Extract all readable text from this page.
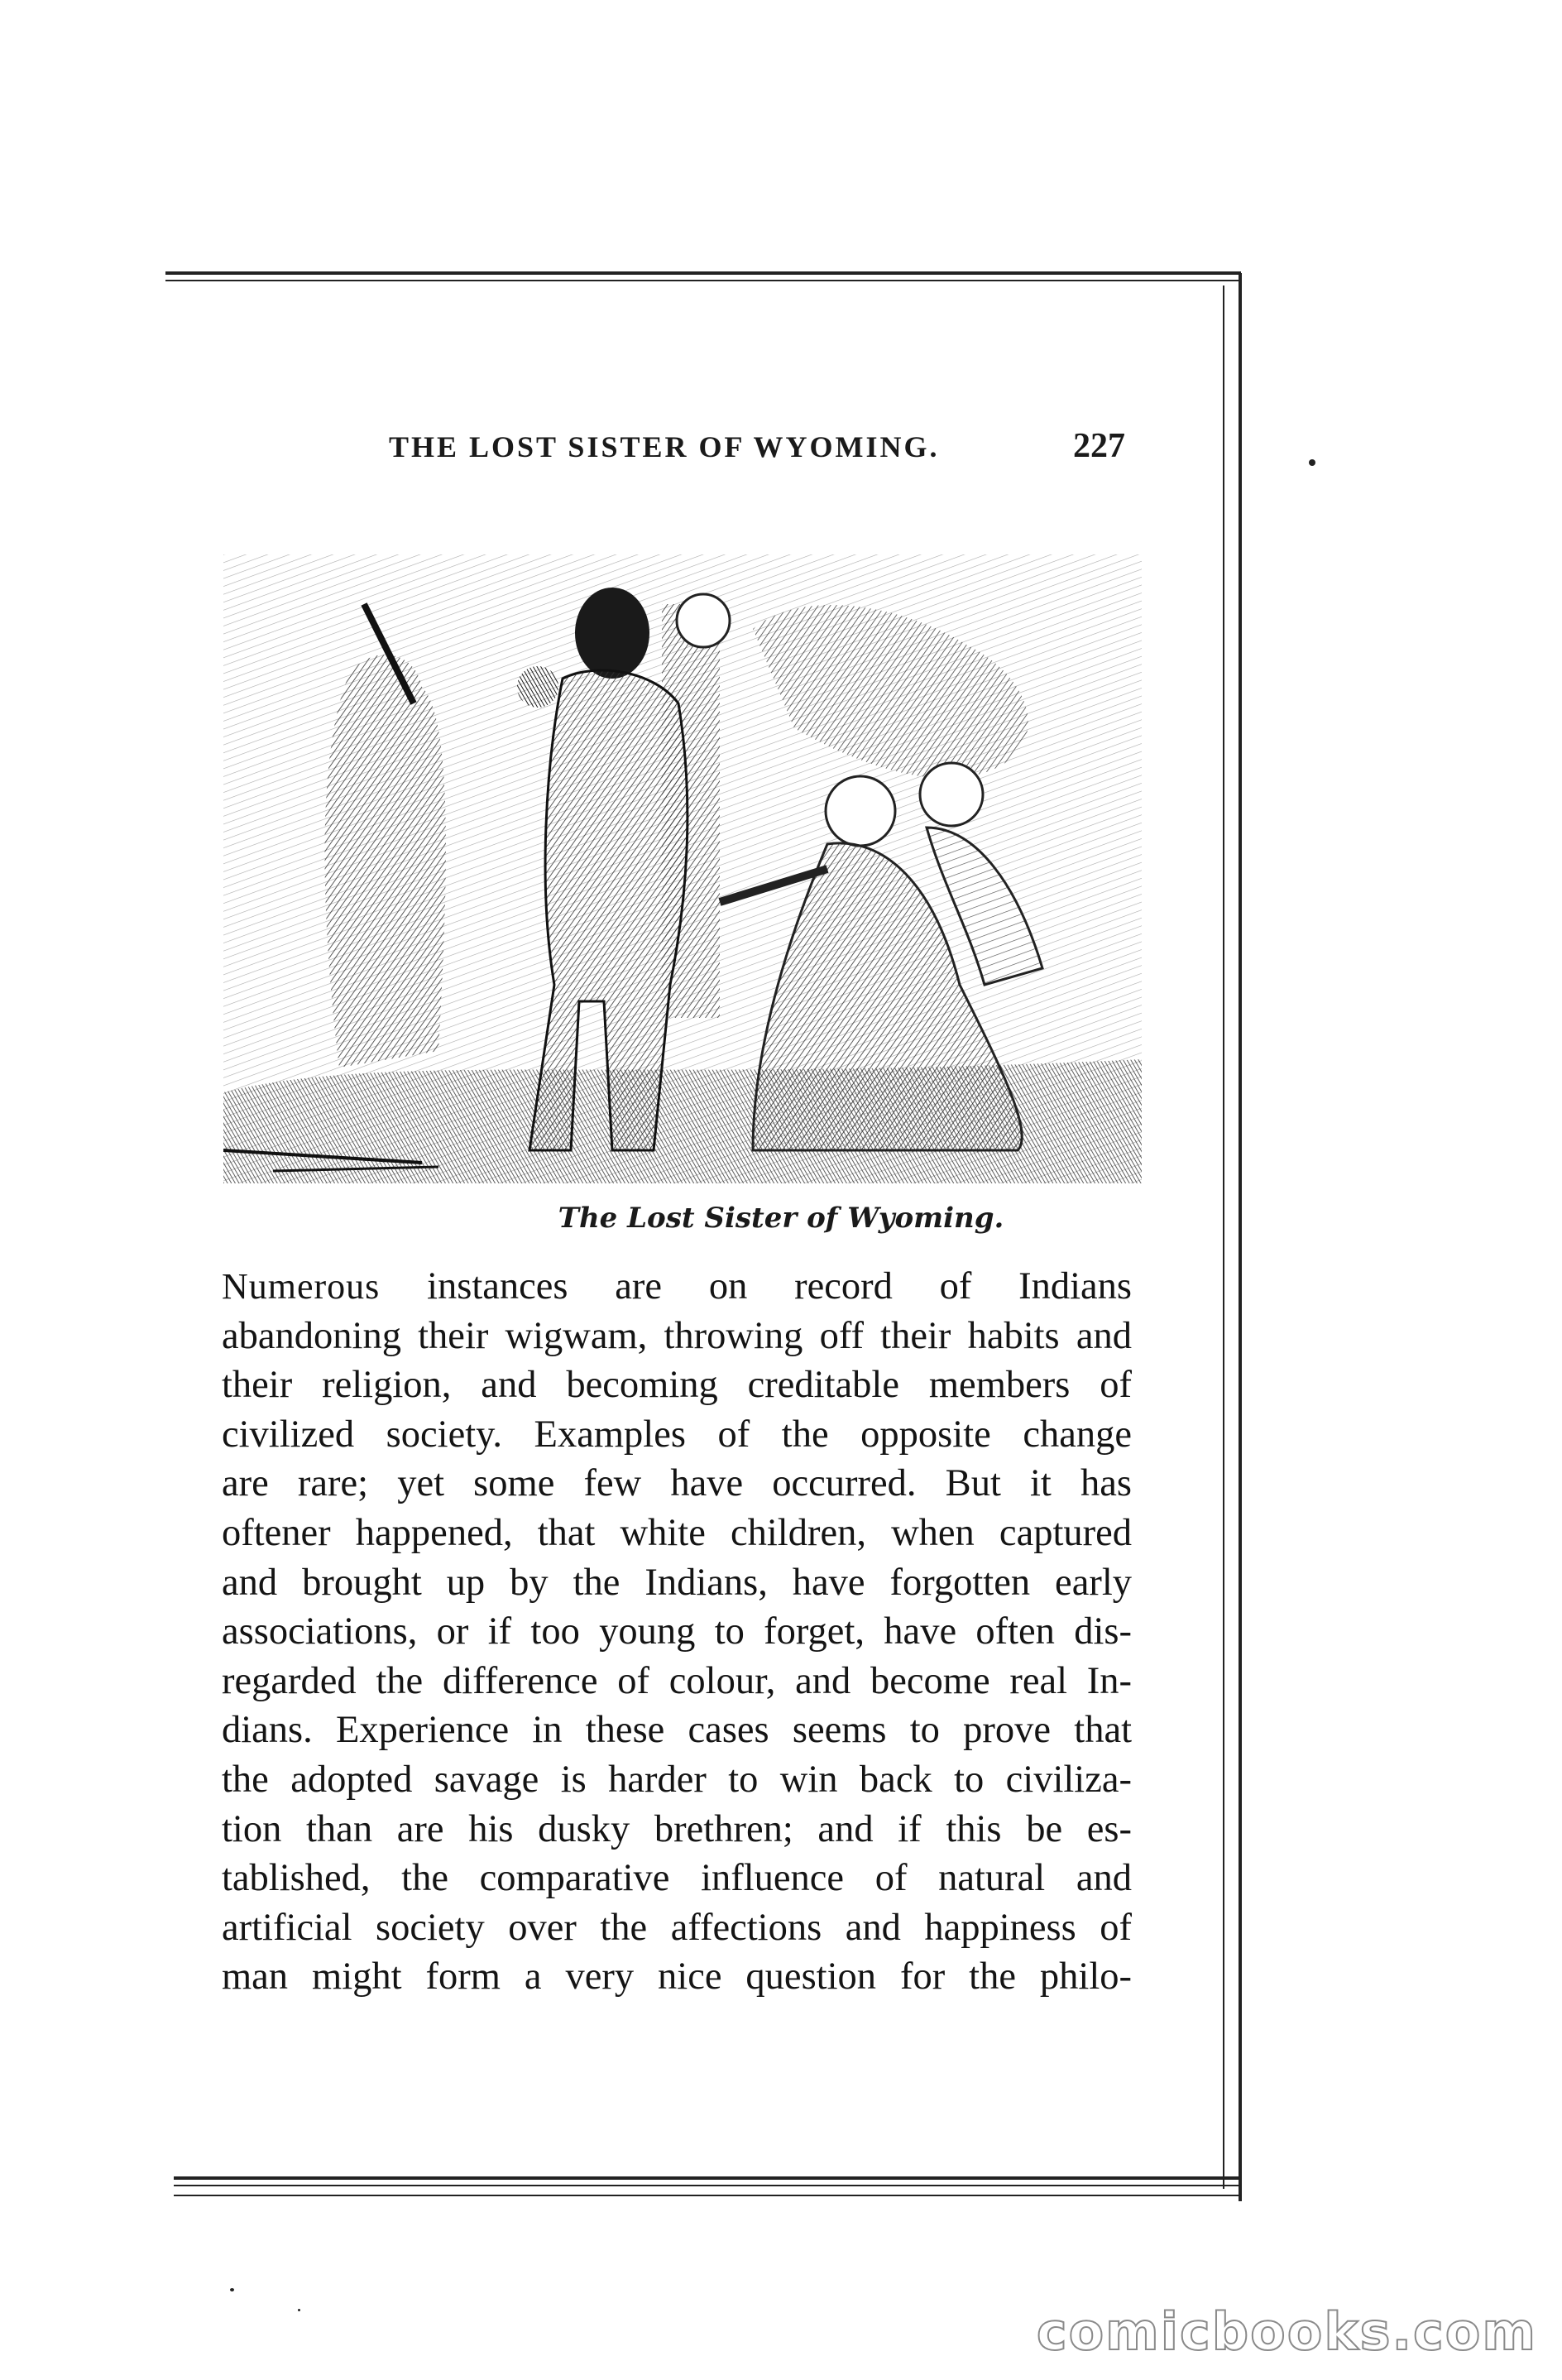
THE LOST SISTER OF WYOMING.	227
The Lost Sister of Wyoming.
Numerous instances are on record of Indians
abandoning their wigwam, throwing off their habits and
their religion, and becoming creditable members of
civilized society. Examples of the opposite change
are rare; yet some few have occurred. But it has
oftener happened, that white children, when captured
and brought up by the Indians, have forgotten early
associations, or if too young to forget, have often dis-
regarded the difference of colour, and become real In-
dians. Experience in these cases seems to prove that
the adopted savage is harder to win back to civiliza-
tion than are his dusky brethren; and if this be es-
tablished, the comparative influence of natural and
artificial society over the affections and happiness of
man might form a very nice question for the philo-
comicbooks.com
